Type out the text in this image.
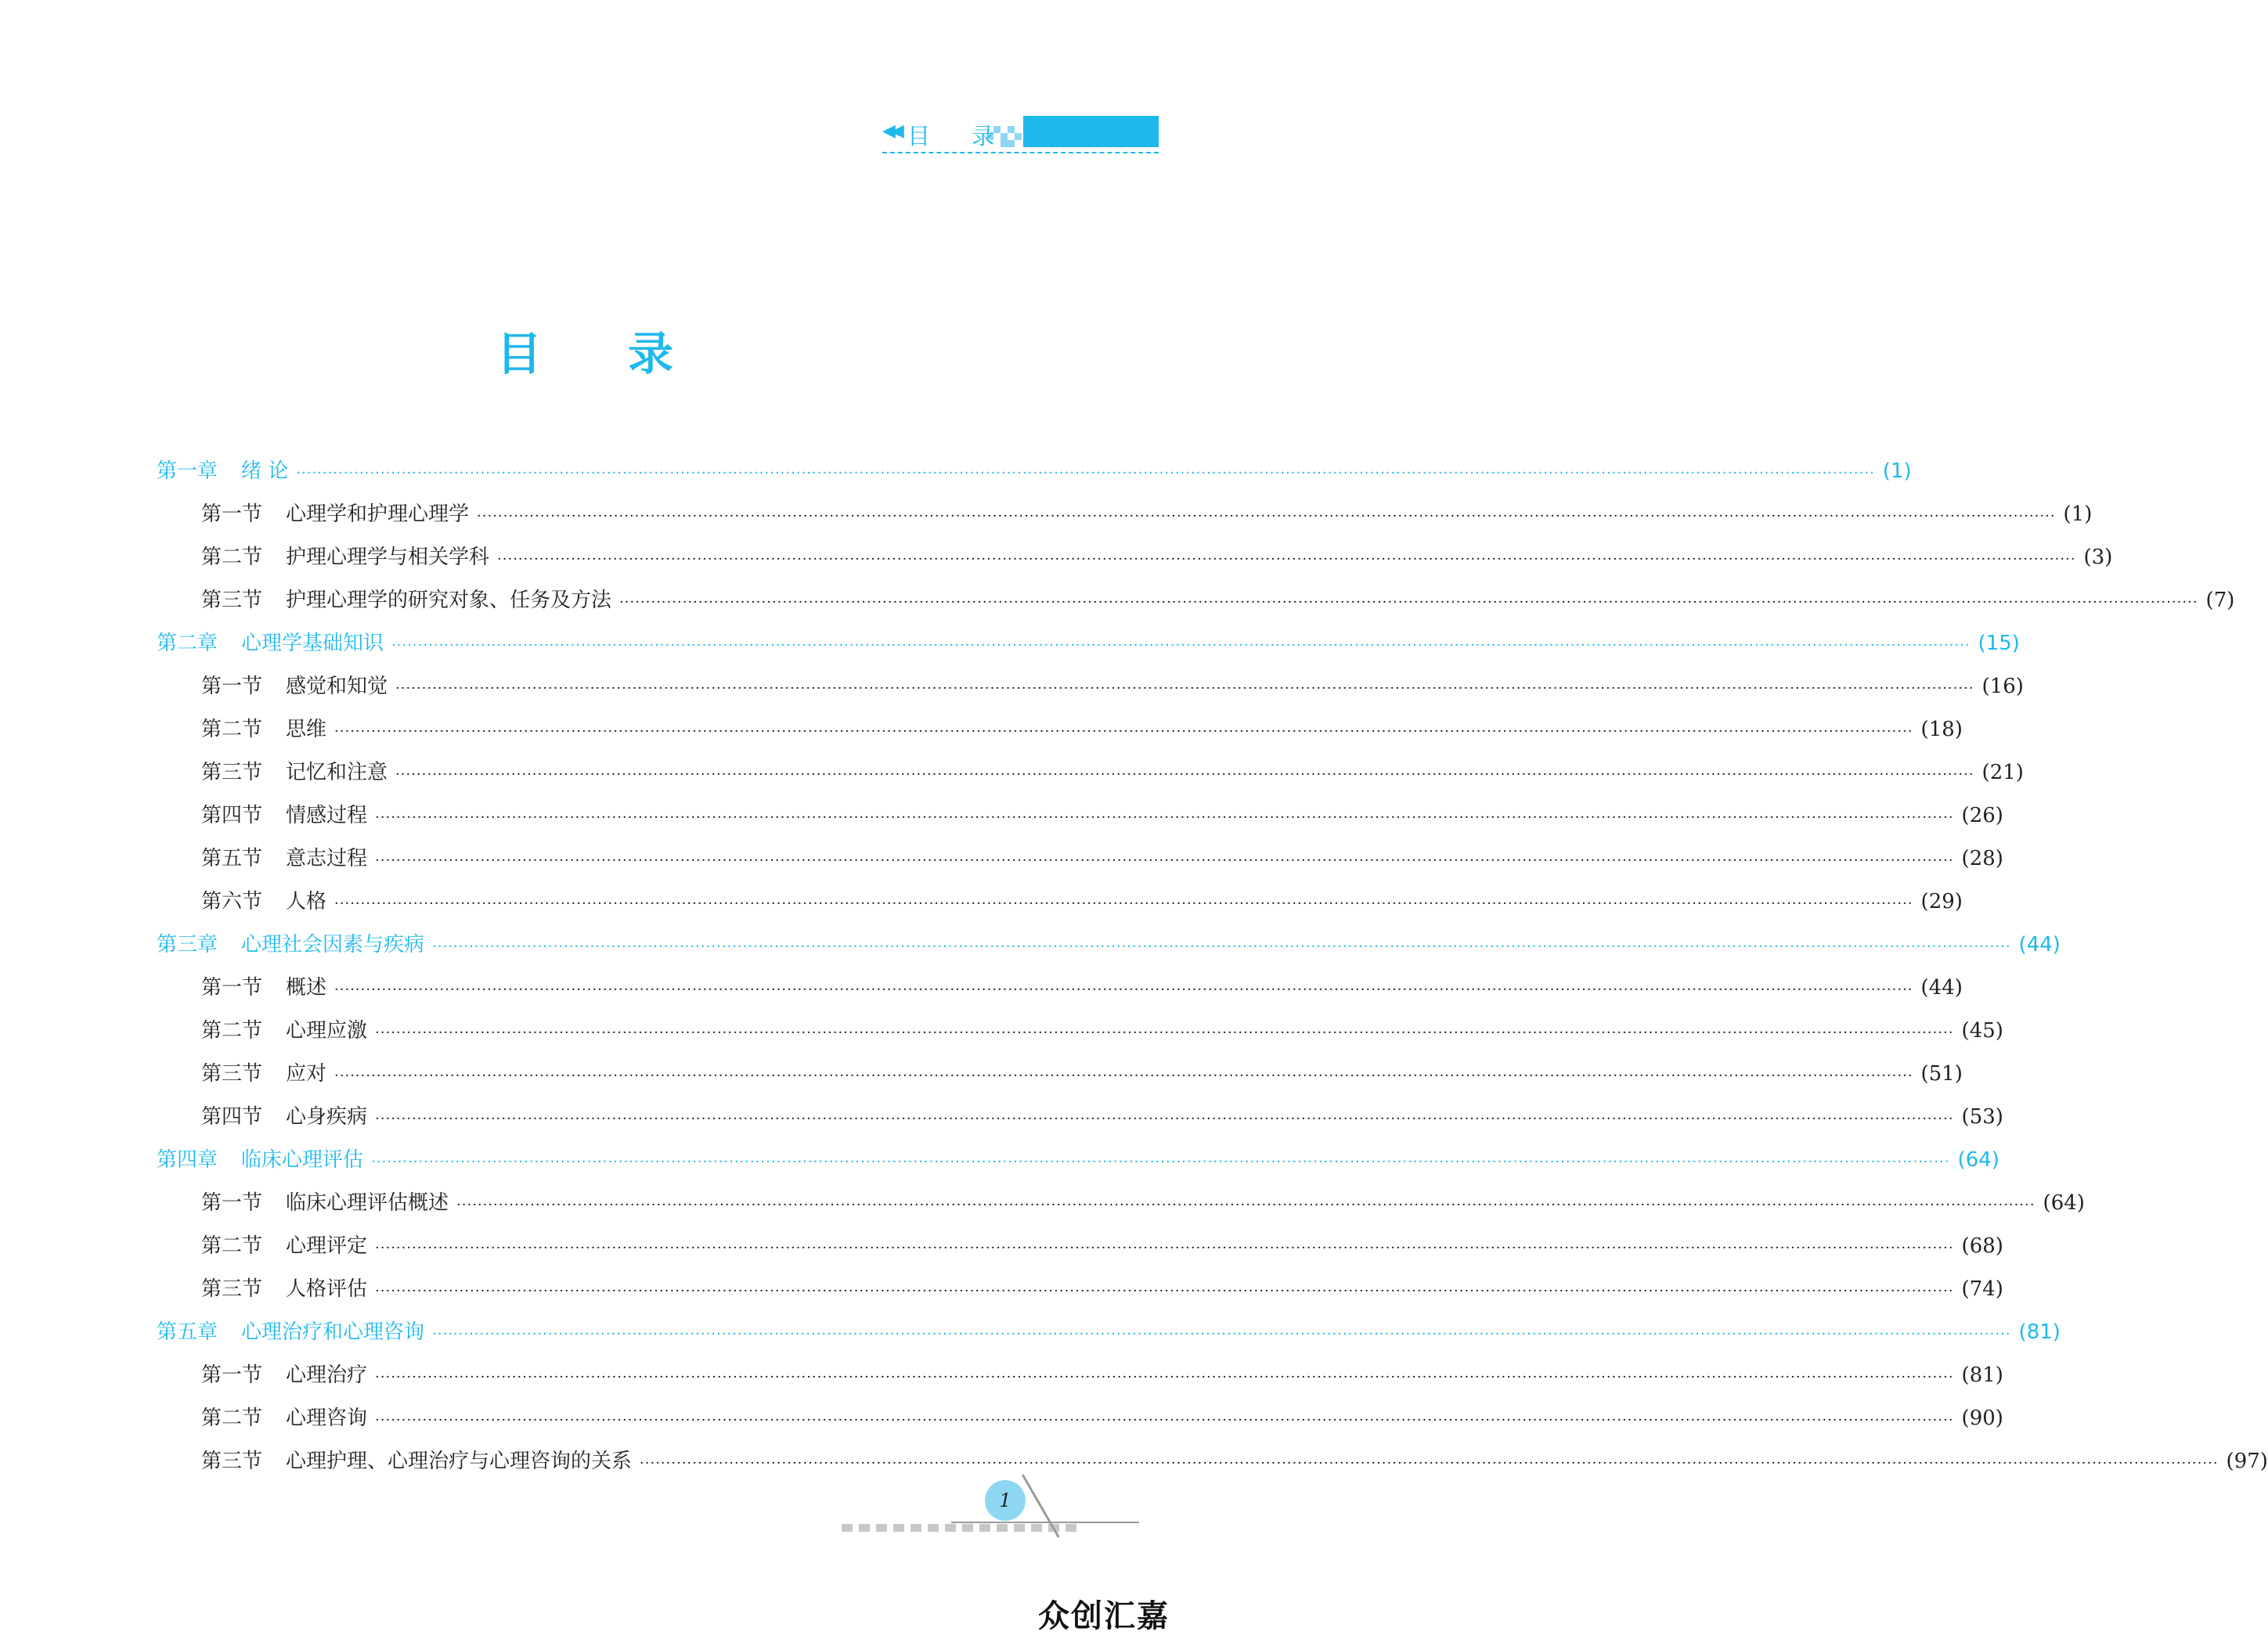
◀◀ 目 录
目录
第一章 绪 论 ············································································································································································································································································································ (1)
第一节 心理学和护理心理学 ············································································································································································································································································································ (1)
第二节 护理心理学与相关学科 ············································································································································································································································································································ (3)
第三节 护理心理学的研究对象、任务及方法 ············································································································································································································································································································ (7)
第二章 心理学基础知识 ············································································································································································································································································································ (15)
第一节 感觉和知觉 ············································································································································································································································································································ (16)
第二节 思维 ············································································································································································································································································································ (18)
第三节 记忆和注意 ············································································································································································································································································································ (21)
第四节 情感过程 ············································································································································································································································································································ (26)
第五节 意志过程 ············································································································································································································································································································ (28)
第六节 人格 ············································································································································································································································································································ (29)
第三章 心理社会因素与疾病 ············································································································································································································································································································ (44)
第一节 概述 ············································································································································································································································································································ (44)
第二节 心理应激 ············································································································································································································································································································ (45)
第三节 应对 ············································································································································································································································································································ (51)
第四节 心身疾病 ············································································································································································································································································································ (53)
第四章 临床心理评估 ············································································································································································································································································································ (64)
第一节 临床心理评估概述 ············································································································································································································································································································ (64)
第二节 心理评定 ············································································································································································································································································································ (68)
第三节 人格评估 ············································································································································································································································································································ (74)
第五章 心理治疗和心理咨询 ············································································································································································································································································································ (81)
第一节 心理治疗 ············································································································································································································································································································ (81)
第二节 心理咨询 ············································································································································································································································································································ (90)
第三节 心理护理、心理治疗与心理咨询的关系 ············································································································································································································································································································ (97)
1
众创汇嘉
